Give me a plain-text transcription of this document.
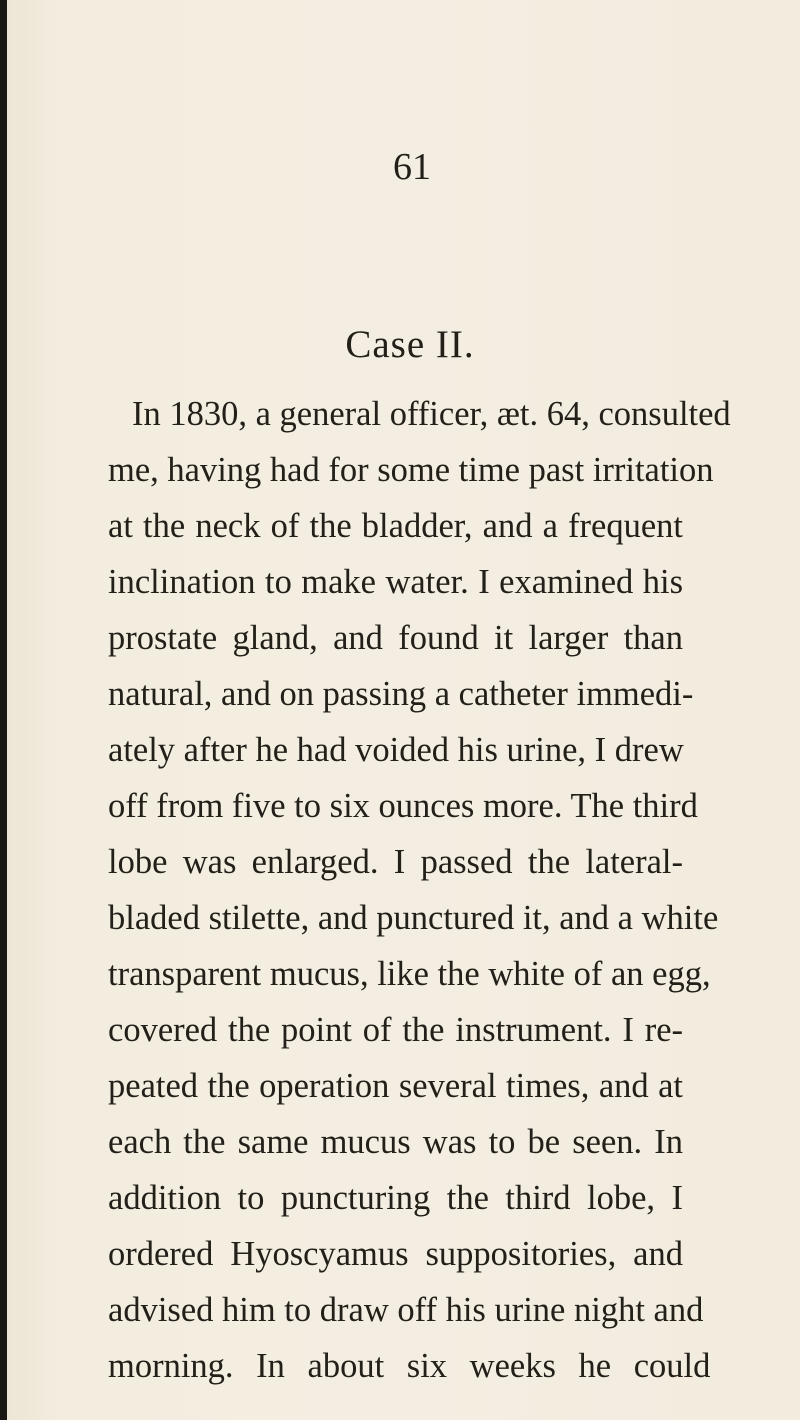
61
Case II.
In 1830, a general officer, æt. 64, consulted
me, having had for some time past irritation
at the neck of the bladder, and a frequent
inclination to make water. I examined his
prostate gland, and found it larger than
natural, and on passing a catheter immedi-
ately after he had voided his urine, I drew
off from five to six ounces more. The third
lobe was enlarged. I passed the lateral-
bladed stilette, and punctured it, and a white
transparent mucus, like the white of an egg,
covered the point of the instrument. I re-
peated the operation several times, and at
each the same mucus was to be seen. In
addition to puncturing the third lobe, I
ordered Hyoscyamus suppositories, and
advised him to draw off his urine night and
morning. In about six weeks he could
